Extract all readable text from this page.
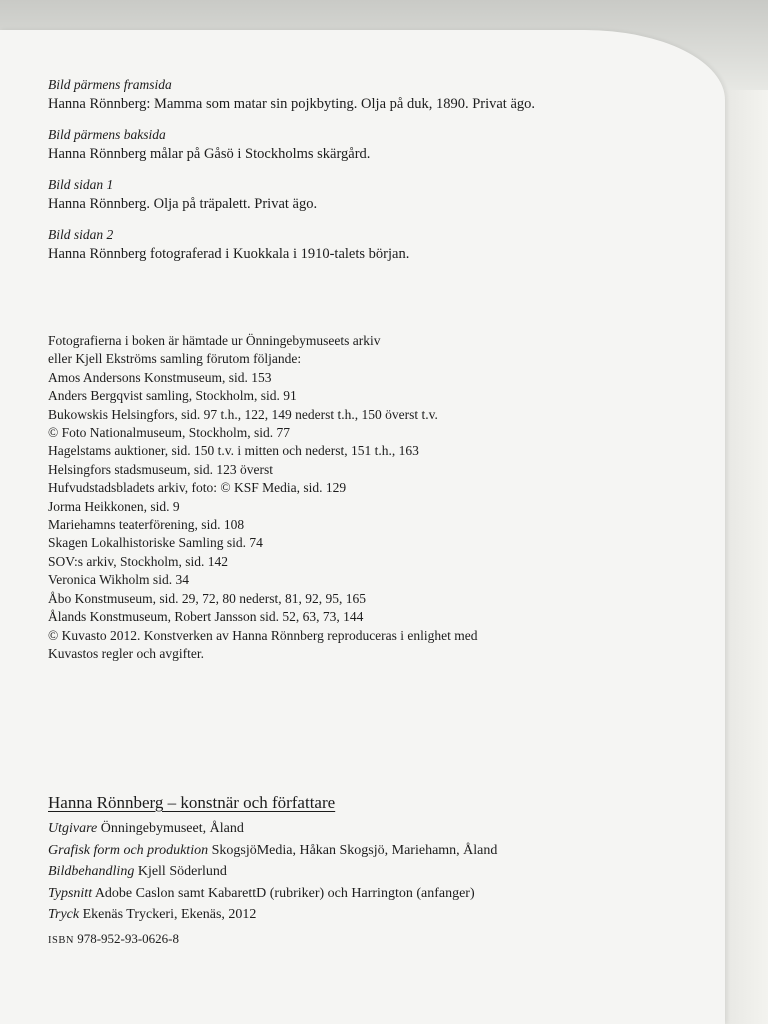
Bild pärmens framsida
Hanna Rönnberg: Mamma som matar sin pojkbyting. Olja på duk, 1890. Privat ägo.
Bild pärmens baksida
Hanna Rönnberg målar på Gåsö i Stockholms skärgård.
Bild sidan 1
Hanna Rönnberg. Olja på träpalett. Privat ägo.
Bild sidan 2
Hanna Rönnberg fotograferad i Kuokkala i 1910-talets början.
Fotografierna i boken är hämtade ur Önningebymuseets arkiv
eller Kjell Ekströms samling förutom följande:
Amos Andersons Konstmuseum, sid. 153
Anders Bergqvist samling, Stockholm, sid. 91
Bukowskis Helsingfors, sid. 97 t.h., 122, 149 nederst t.h., 150 överst t.v.
© Foto Nationalmuseum, Stockholm, sid. 77
Hagelstams auktioner, sid. 150 t.v. i mitten och nederst, 151 t.h., 163
Helsingfors stadsmuseum, sid. 123 överst
Hufvudstadsbladets arkiv, foto: © KSF Media, sid. 129
Jorma Heikkonen, sid. 9
Mariehamns teaterförening, sid. 108
Skagen Lokalhistoriske Samling sid. 74
SOV:s arkiv, Stockholm, sid. 142
Veronica Wikholm sid. 34
Åbo Konstmuseum, sid. 29, 72, 80 nederst, 81, 92, 95, 165
Ålands Konstmuseum, Robert Jansson sid. 52, 63, 73, 144
© Kuvasto 2012. Konstverken av Hanna Rönnberg reproduceras i enlighet med
Kuvastos regler och avgifter.
Hanna Rönnberg – konstnär och författare
Utgivare Önningebymuseet, Åland
Grafisk form och produktion SkogsjöMedia, Håkan Skogsjö, Mariehamn, Åland
Bildbehandling Kjell Söderlund
Typsnitt Adobe Caslon samt KabarettD (rubriker) och Harrington (anfanger)
Tryck Ekenäs Tryckeri, Ekenäs, 2012
ISBN 978-952-93-0626-8
